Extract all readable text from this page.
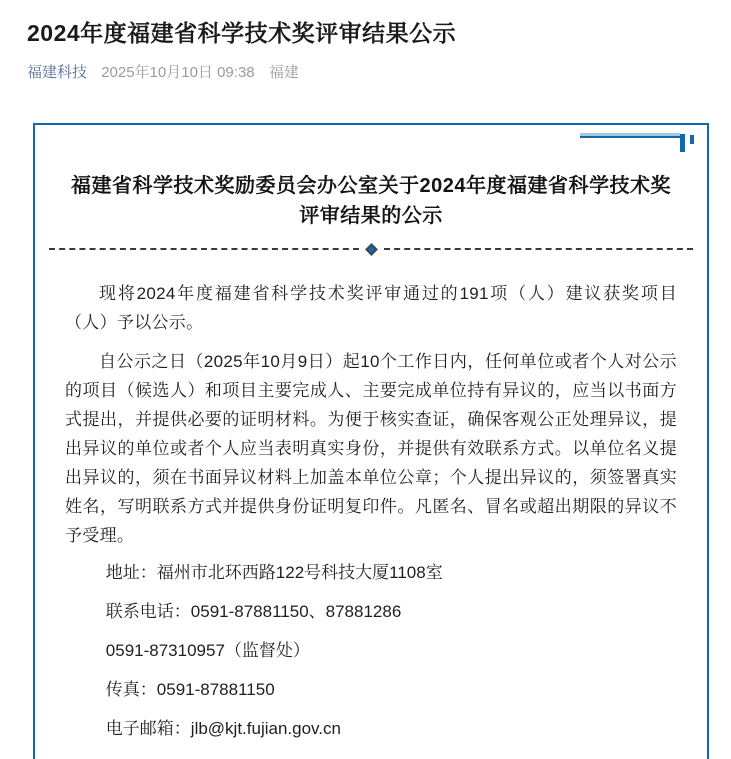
2024年度福建省科学技术奖评审结果公示
福建科技 2025年10月10日 09:38 福建
福建省科学技术奖励委员会办公室关于2024年度福建省科学技术奖评审结果的公示

现将2024年度福建省科学技术奖评审通过的191项（人）建议获奖项目（人）予以公示。

自公示之日（2025年10月9日）起10个工作日内，任何单位或者个人对公示的项目（候选人）和项目主要完成人、主要完成单位持有异议的，应当以书面方式提出，并提供必要的证明材料。为便于核实查证，确保客观公正处理异议，提出异议的单位或者个人应当表明真实身份，并提供有效联系方式。以单位名义提出异议的，须在书面异议材料上加盖本单位公章；个人提出异议的，须签署真实姓名，写明联系方式并提供身份证明复印件。凡匿名、冒名或超出期限的异议不予受理。

地址：福州市北环西路122号科技大厦1108室

联系电话：0591-87881150、87881286

0591-87310957（监督处）

传真：0591-87881150

电子邮箱：jlb@kjt.fujian.gov.cn
